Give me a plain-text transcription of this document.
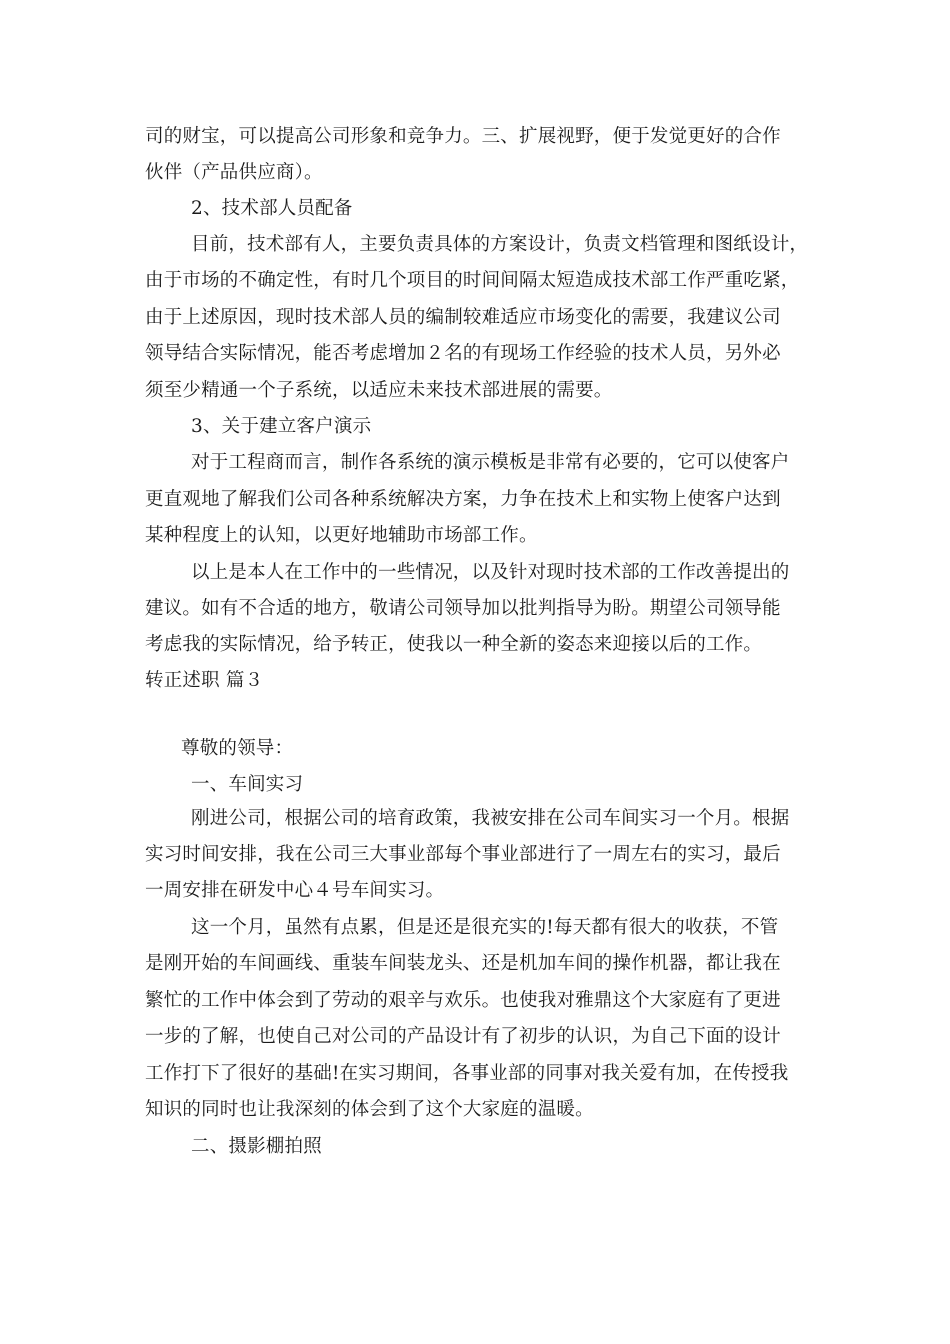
司的财宝，可以提高公司形象和竞争力。三、扩展视野，便于发觉更好的合作
伙伴（产品供应商）。
2、技术部人员配备
目前，技术部有人，主要负责具体的方案设计，负责文档管理和图纸设计，
由于市场的不确定性，有时几个项目的时间间隔太短造成技术部工作严重吃紧，
由于上述原因，现时技术部人员的编制较难适应市场变化的需要，我建议公司
领导结合实际情况，能否考虑增加２名的有现场工作经验的技术人员，另外必
须至少精通一个子系统，以适应未来技术部进展的需要。
3、关于建立客户演示
对于工程商而言，制作各系统的演示模板是非常有必要的，它可以使客户
更直观地了解我们公司各种系统解决方案，力争在技术上和实物上使客户达到
某种程度上的认知，以更好地辅助市场部工作。
以上是本人在工作中的一些情况，以及针对现时技术部的工作改善提出的
建议。如有不合适的地方，敬请公司领导加以批判指导为盼。期望公司领导能
考虑我的实际情况，给予转正，使我以一种全新的姿态来迎接以后的工作。
转正述职 篇３
尊敬的领导：
一、车间实习
刚进公司，根据公司的培育政策，我被安排在公司车间实习一个月。根据
实习时间安排，我在公司三大事业部每个事业部进行了一周左右的实习，最后
一周安排在研发中心４号车间实习。
这一个月，虽然有点累，但是还是很充实的!每天都有很大的收获，不管
是刚开始的车间画线、重装车间装龙头、还是机加车间的操作机器，都让我在
繁忙的工作中体会到了劳动的艰辛与欢乐。也使我对雅鼎这个大家庭有了更进
一步的了解，也使自己对公司的产品设计有了初步的认识，为自己下面的设计
工作打下了很好的基础!在实习期间，各事业部的同事对我关爱有加，在传授我
知识的同时也让我深刻的体会到了这个大家庭的温暖。
二、摄影棚拍照
